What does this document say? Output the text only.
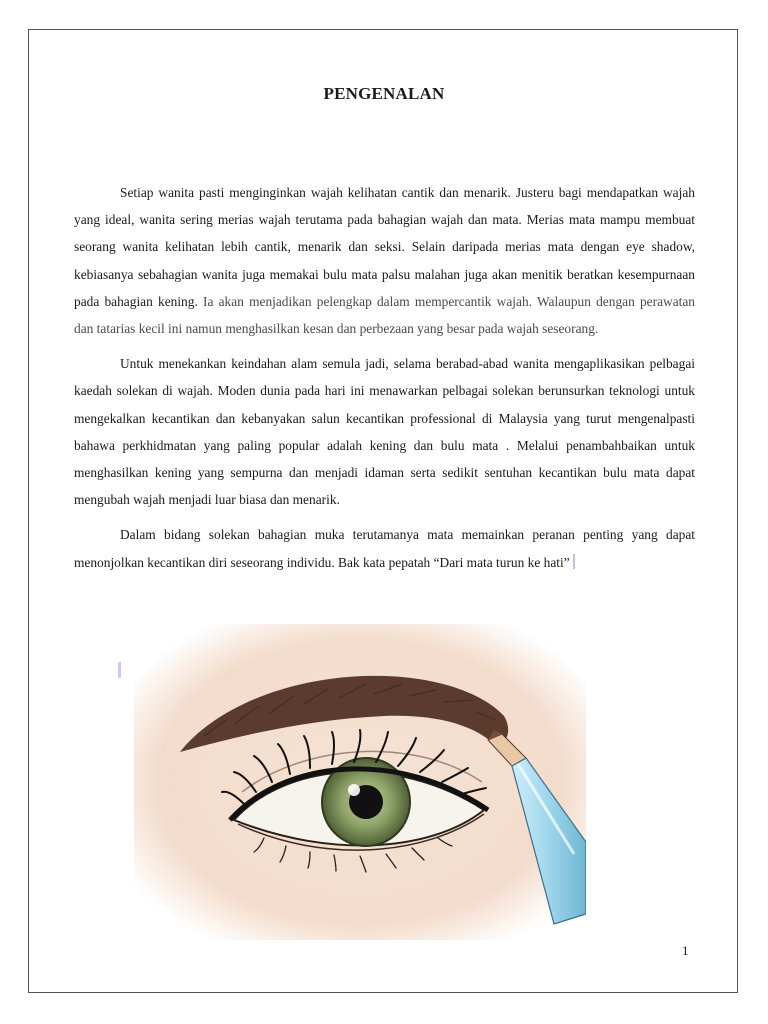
PENGENALAN

Setiap wanita pasti menginginkan wajah kelihatan cantik dan menarik. Justeru bagi mendapatkan wajah yang ideal, wanita sering merias wajah terutama pada bahagian wajah dan mata. Merias mata mampu membuat seorang wanita kelihatan lebih cantik, menarik dan seksi. Selain daripada merias mata dengan eye shadow, kebiasanya sebahagian wanita juga memakai bulu mata palsu malahan juga akan menitik beratkan kesempurnaan pada bahagian kening. Ia akan menjadikan pelengkap dalam mempercantik wajah. Walaupun dengan perawatan dan tatarias kecil ini namun menghasilkan kesan dan perbezaan yang besar pada wajah seseorang.

Untuk menekankan keindahan alam semula jadi, selama berabad-abad wanita mengaplikasikan pelbagai kaedah solekan di wajah. Moden dunia pada hari ini menawarkan pelbagai solekan berunsurkan teknologi untuk mengekalkan kecantikan dan kebanyakan salun kecantikan professional di Malaysia yang turut mengenalpasti bahawa perkhidmatan yang paling popular adalah kening dan bulu mata . Melalui penambahbaikan untuk menghasilkan kening yang sempurna dan menjadi idaman serta sedikit sentuhan kecantikan bulu mata dapat mengubah wajah menjadi luar biasa dan menarik.

Dalam bidang solekan bahagian muka terutamanya mata memainkan peranan penting yang dapat menonjolkan kecantikan diri seseorang individu. Bak kata pepatah “Dari mata turun ke hati”

1
